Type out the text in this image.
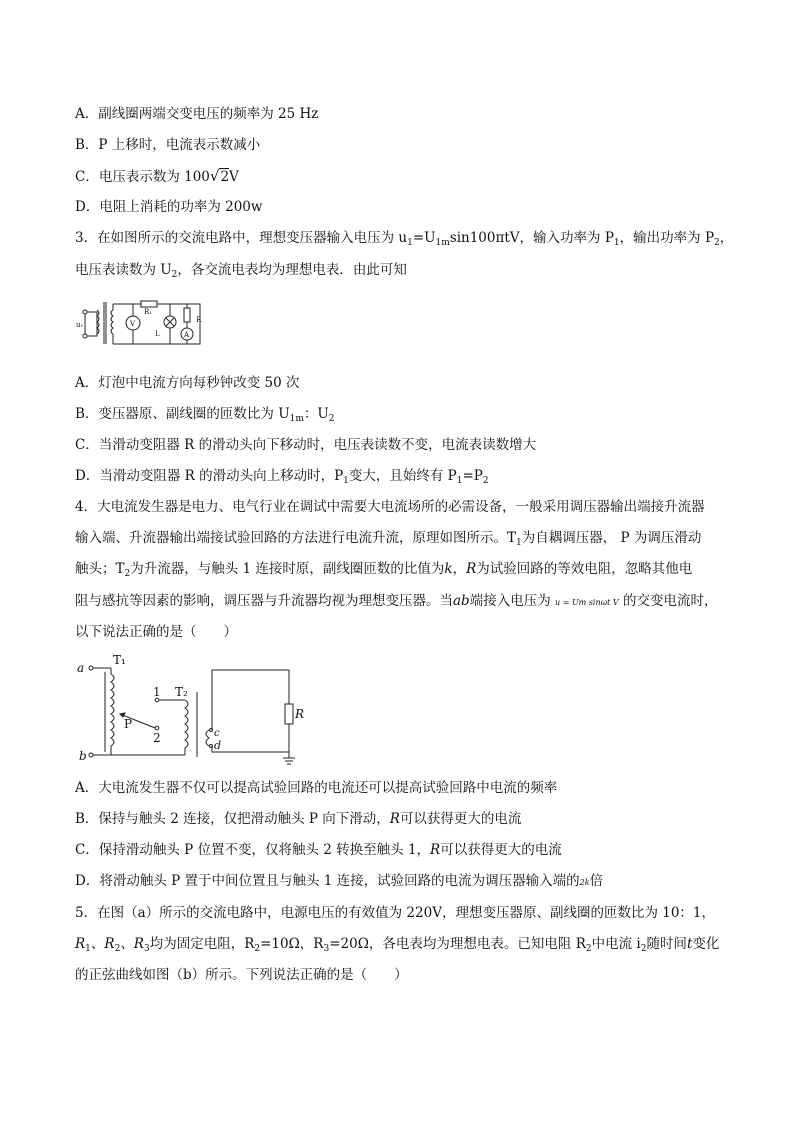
A．副线圈两端交变电压的频率为 25 Hz
B．P 上移时，电流表示数减小
C．电压表示数为 100√2V
D．电阻上消耗的功率为 200w
3．在如图所示的交流电路中，理想变压器输入电压为 $u_1=U_{1m}\sin 100\pi tV$，输入功率为 $P_1$，输出功率为 $P_2$，
电压表读数为 $U_2$，各交流电表均为理想电表．由此可知
u₁	V
R₁
L	A
R
A．灯泡中电流方向每秒钟改变 50 次
B．变压器原、副线圈的匝数比为 $U_{1m}$：$U_2$
C．当滑动变阻器 R 的滑动头向下移动时，电压表读数不变，电流表读数增大
D．当滑动变阻器 R 的滑动头向上移动时，$P_1$变大，且始终有 $P_1=P_2$
4．大电流发生器是电力、电气行业在调试中需要大电流场所的必需设备，一般采用调压器输出端接升流器
输入端、升流器输出端接试验回路的方法进行电流升流，原理如图所示。$T_1$为自耦调压器， P 为调压滑动
触头；$T_2$为升流器，与触头 1 连接时原，副线圈匝数的比值为k，R为试验回路的等效电阻，忽略其他电
阻与感抗等因素的影响，调压器与升流器均视为理想变压器。当ab端接入电压为 u = Um sinωt V 的交变电流时，
以下说法正确的是（　　）
a
b
T₁
T₂
P
1
2	c
d
R
A．大电流发生器不仅可以提高试验回路的电流还可以提高试验回路中电流的频率
B．保持与触头 2 连接，仅把滑动触头 P 向下滑动，R可以获得更大的电流
C．保持滑动触头 P 位置不变，仅将触头 2 转换至触头 1，R可以获得更大的电流
D．将滑动触头 P 置于中间位置且与触头 1 连接，试验回路的电流为调压器输入端的2k倍
5．在图（a）所示的交流电路中，电源电压的有效值为 220V，理想变压器原、副线圈的匝数比为 10：1，
$R_1$、$R_2$、$R_3$均为固定电阻，$R_2=10\Omega$，$R_3=20\Omega$，各电表均为理想电表。已知电阻 $R_2$中电流 $i_2$随时间t变化
的正弦曲线如图（b）所示。下列说法正确的是（　　）
